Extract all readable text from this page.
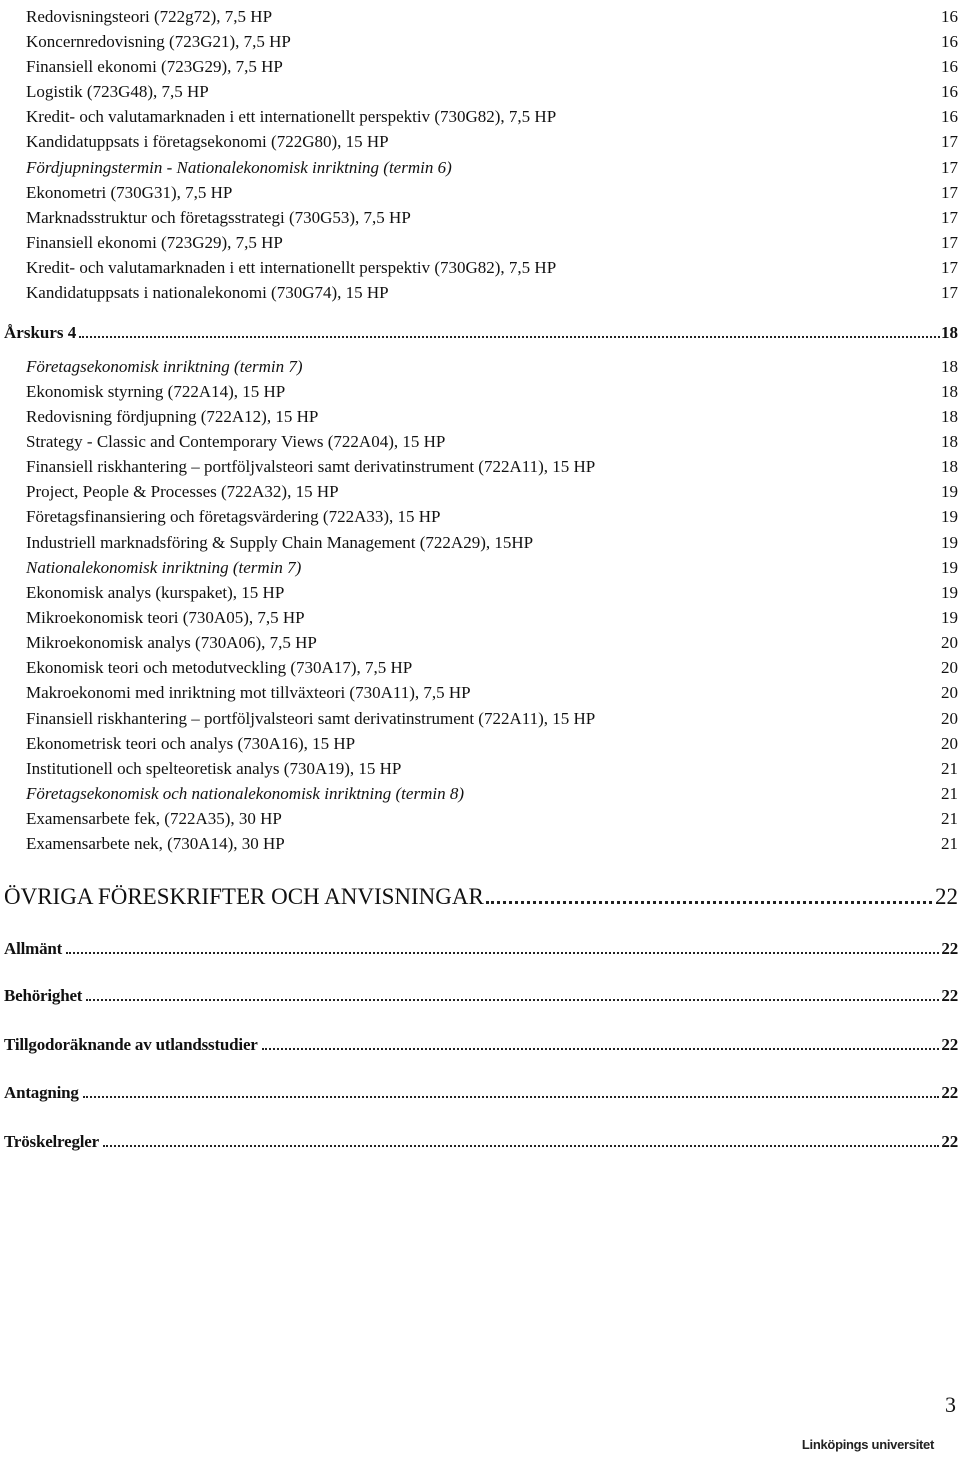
Redovisningsteori (722g72), 7,5 HP	16
Koncernredovisning (723G21), 7,5 HP	16
Finansiell ekonomi (723G29), 7,5 HP	16
Logistik (723G48), 7,5 HP	16
Kredit- och valutamarknaden i ett internationellt perspektiv (730G82), 7,5 HP	16
Kandidatuppsats i företagsekonomi (722G80), 15 HP	17
Fördjupningstermin - Nationalekonomisk inriktning (termin 6)	17
Ekonometri (730G31), 7,5 HP	17
Marknadsstruktur och företagsstrategi (730G53), 7,5 HP	17
Finansiell ekonomi (723G29), 7,5 HP	17
Kredit- och valutamarknaden i ett internationellt perspektiv (730G82), 7,5 HP	17
Kandidatuppsats i nationalekonomi (730G74), 15 HP	17
Årskurs 4	18
Företagsekonomisk inriktning (termin 7)	18
Ekonomisk styrning (722A14), 15 HP	18
Redovisning fördjupning (722A12), 15 HP	18
Strategy - Classic and Contemporary Views (722A04), 15 HP	18
Finansiell riskhantering – portföljvalsteori samt derivatinstrument (722A11), 15 HP	18
Project, People & Processes (722A32), 15 HP	19
Företagsfinansiering och företagsvärdering (722A33), 15 HP	19
Industriell marknadsföring & Supply Chain Management (722A29), 15HP	19
Nationalekonomisk inriktning (termin 7)	19
Ekonomisk analys (kurspaket), 15 HP	19
Mikroekonomisk teori (730A05), 7,5 HP	19
Mikroekonomisk analys (730A06), 7,5 HP	20
Ekonomisk teori och metodutveckling (730A17), 7,5 HP	20
Makroekonomi med inriktning mot tillväxteori (730A11), 7,5 HP	20
Finansiell riskhantering – portföljvalsteori samt derivatinstrument (722A11), 15 HP	20
Ekonometrisk teori och analys (730A16), 15 HP	20
Institutionell och spelteoretisk analys (730A19), 15 HP	21
Företagsekonomisk och nationalekonomisk inriktning (termin 8)	21
Examensarbete fek, (722A35), 30 HP	21
Examensarbete nek, (730A14), 30 HP	21
ÖVRIGA FÖRESKRIFTER OCH ANVISNINGAR	22
Allmänt	22
Behörighet	22
Tillgodoräknande av utlandsstudier	22
Antagning	22
Tröskelregler	22
3
Linköpings universitet
